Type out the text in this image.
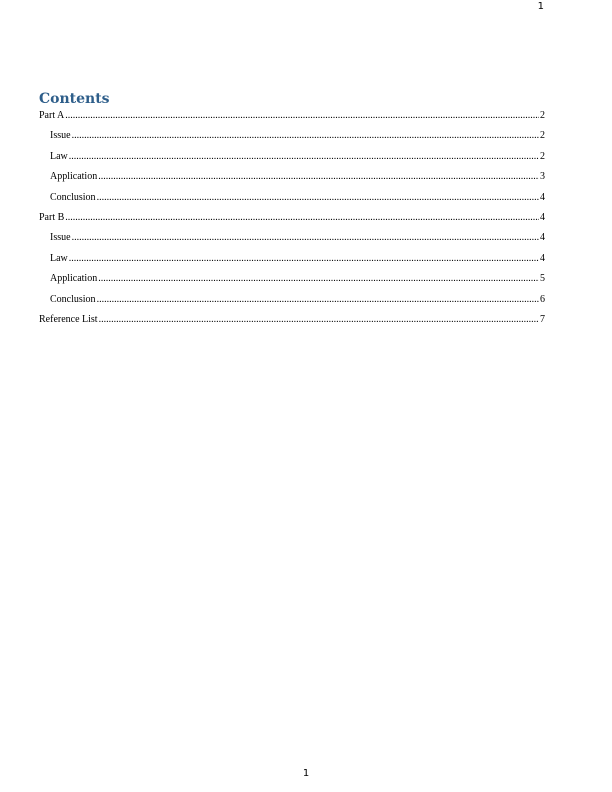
1
Contents
Part A .....	2
Issue .....	2
Law .....	2
Application .....	3
Conclusion .....	4
Part B .....	4
Issue .....	4
Law .....	4
Application .....	5
Conclusion .....	6
Reference List .....	7
1
